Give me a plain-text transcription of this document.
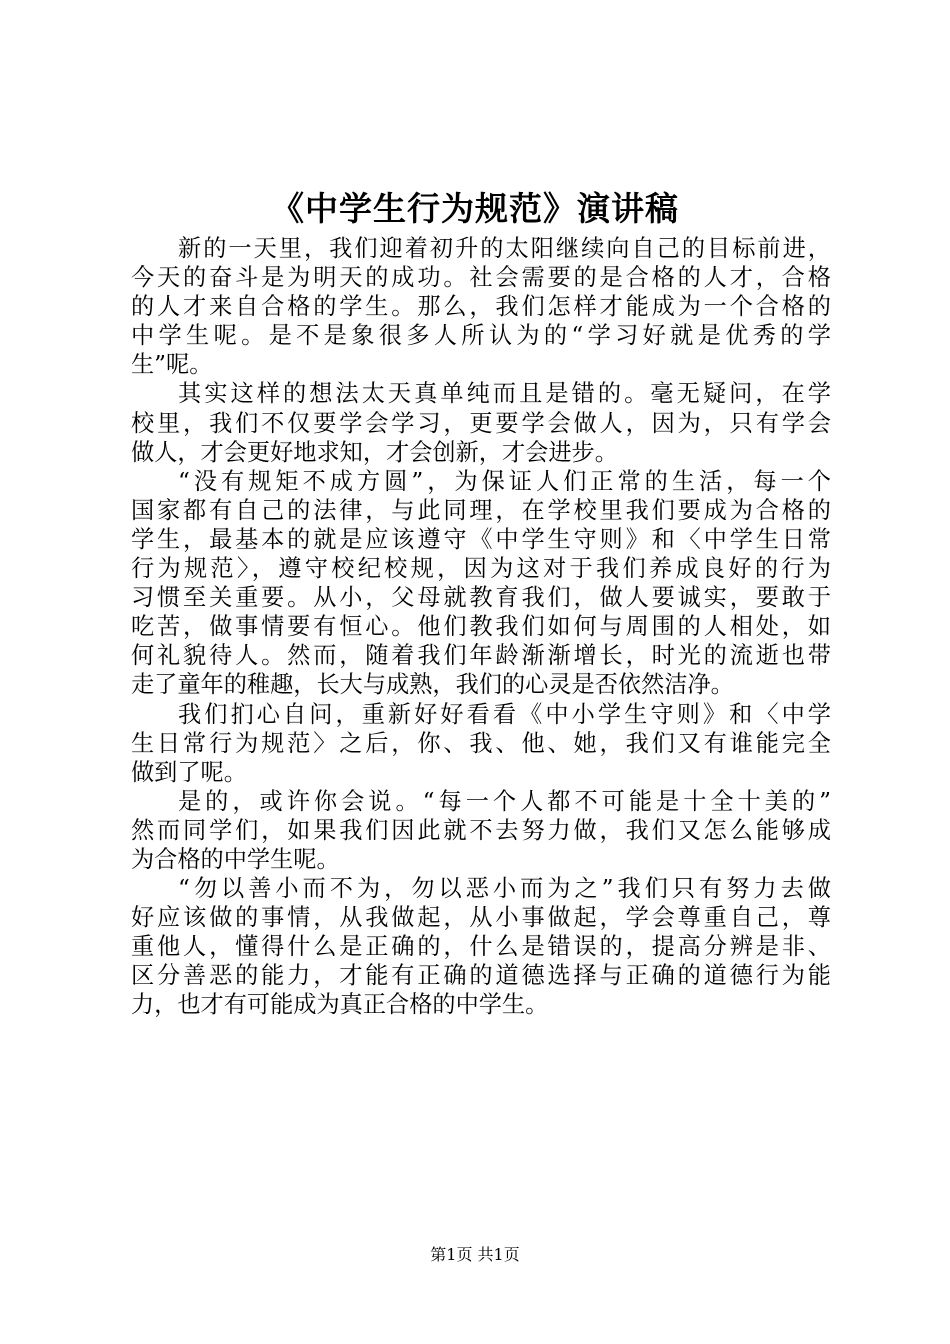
《中学生行为规范》演讲稿
新的一天里，我们迎着初升的太阳继续向自己的目标前进，
今天的奋斗是为明天的成功。社会需要的是合格的人才，合格
的人才来自合格的学生。那么，我们怎样才能成为一个合格的
中学生呢。是不是象很多人所认为的“学习好就是优秀的学
生”呢。
其实这样的想法太天真单纯而且是错的。毫无疑问，在学
校里，我们不仅要学会学习，更要学会做人，因为，只有学会
做人，才会更好地求知，才会创新，才会进步。
“没有规矩不成方圆”，为保证人们正常的生活，每一个
国家都有自己的法律，与此同理，在学校里我们要成为合格的
学生，最基本的就是应该遵守《中学生守则》和〈中学生日常
行为规范〉，遵守校纪校规，因为这对于我们养成良好的行为
习惯至关重要。从小，父母就教育我们，做人要诚实，要敢于
吃苦，做事情要有恒心。他们教我们如何与周围的人相处，如
何礼貌待人。然而，随着我们年龄渐渐增长，时光的流逝也带
走了童年的稚趣，长大与成熟，我们的心灵是否依然洁净。
我们扪心自问，重新好好看看《中小学生守则》和〈中学
生日常行为规范〉之后，你、我、他、她，我们又有谁能完全
做到了呢。
是的，或许你会说。“每一个人都不可能是十全十美的”
然而同学们，如果我们因此就不去努力做，我们又怎么能够成
为合格的中学生呢。
“勿以善小而不为，勿以恶小而为之”我们只有努力去做
好应该做的事情，从我做起，从小事做起，学会尊重自己，尊
重他人，懂得什么是正确的，什么是错误的，提高分辨是非、
区分善恶的能力，才能有正确的道德选择与正确的道德行为能
力，也才有可能成为真正合格的中学生。
第1页 共1页
